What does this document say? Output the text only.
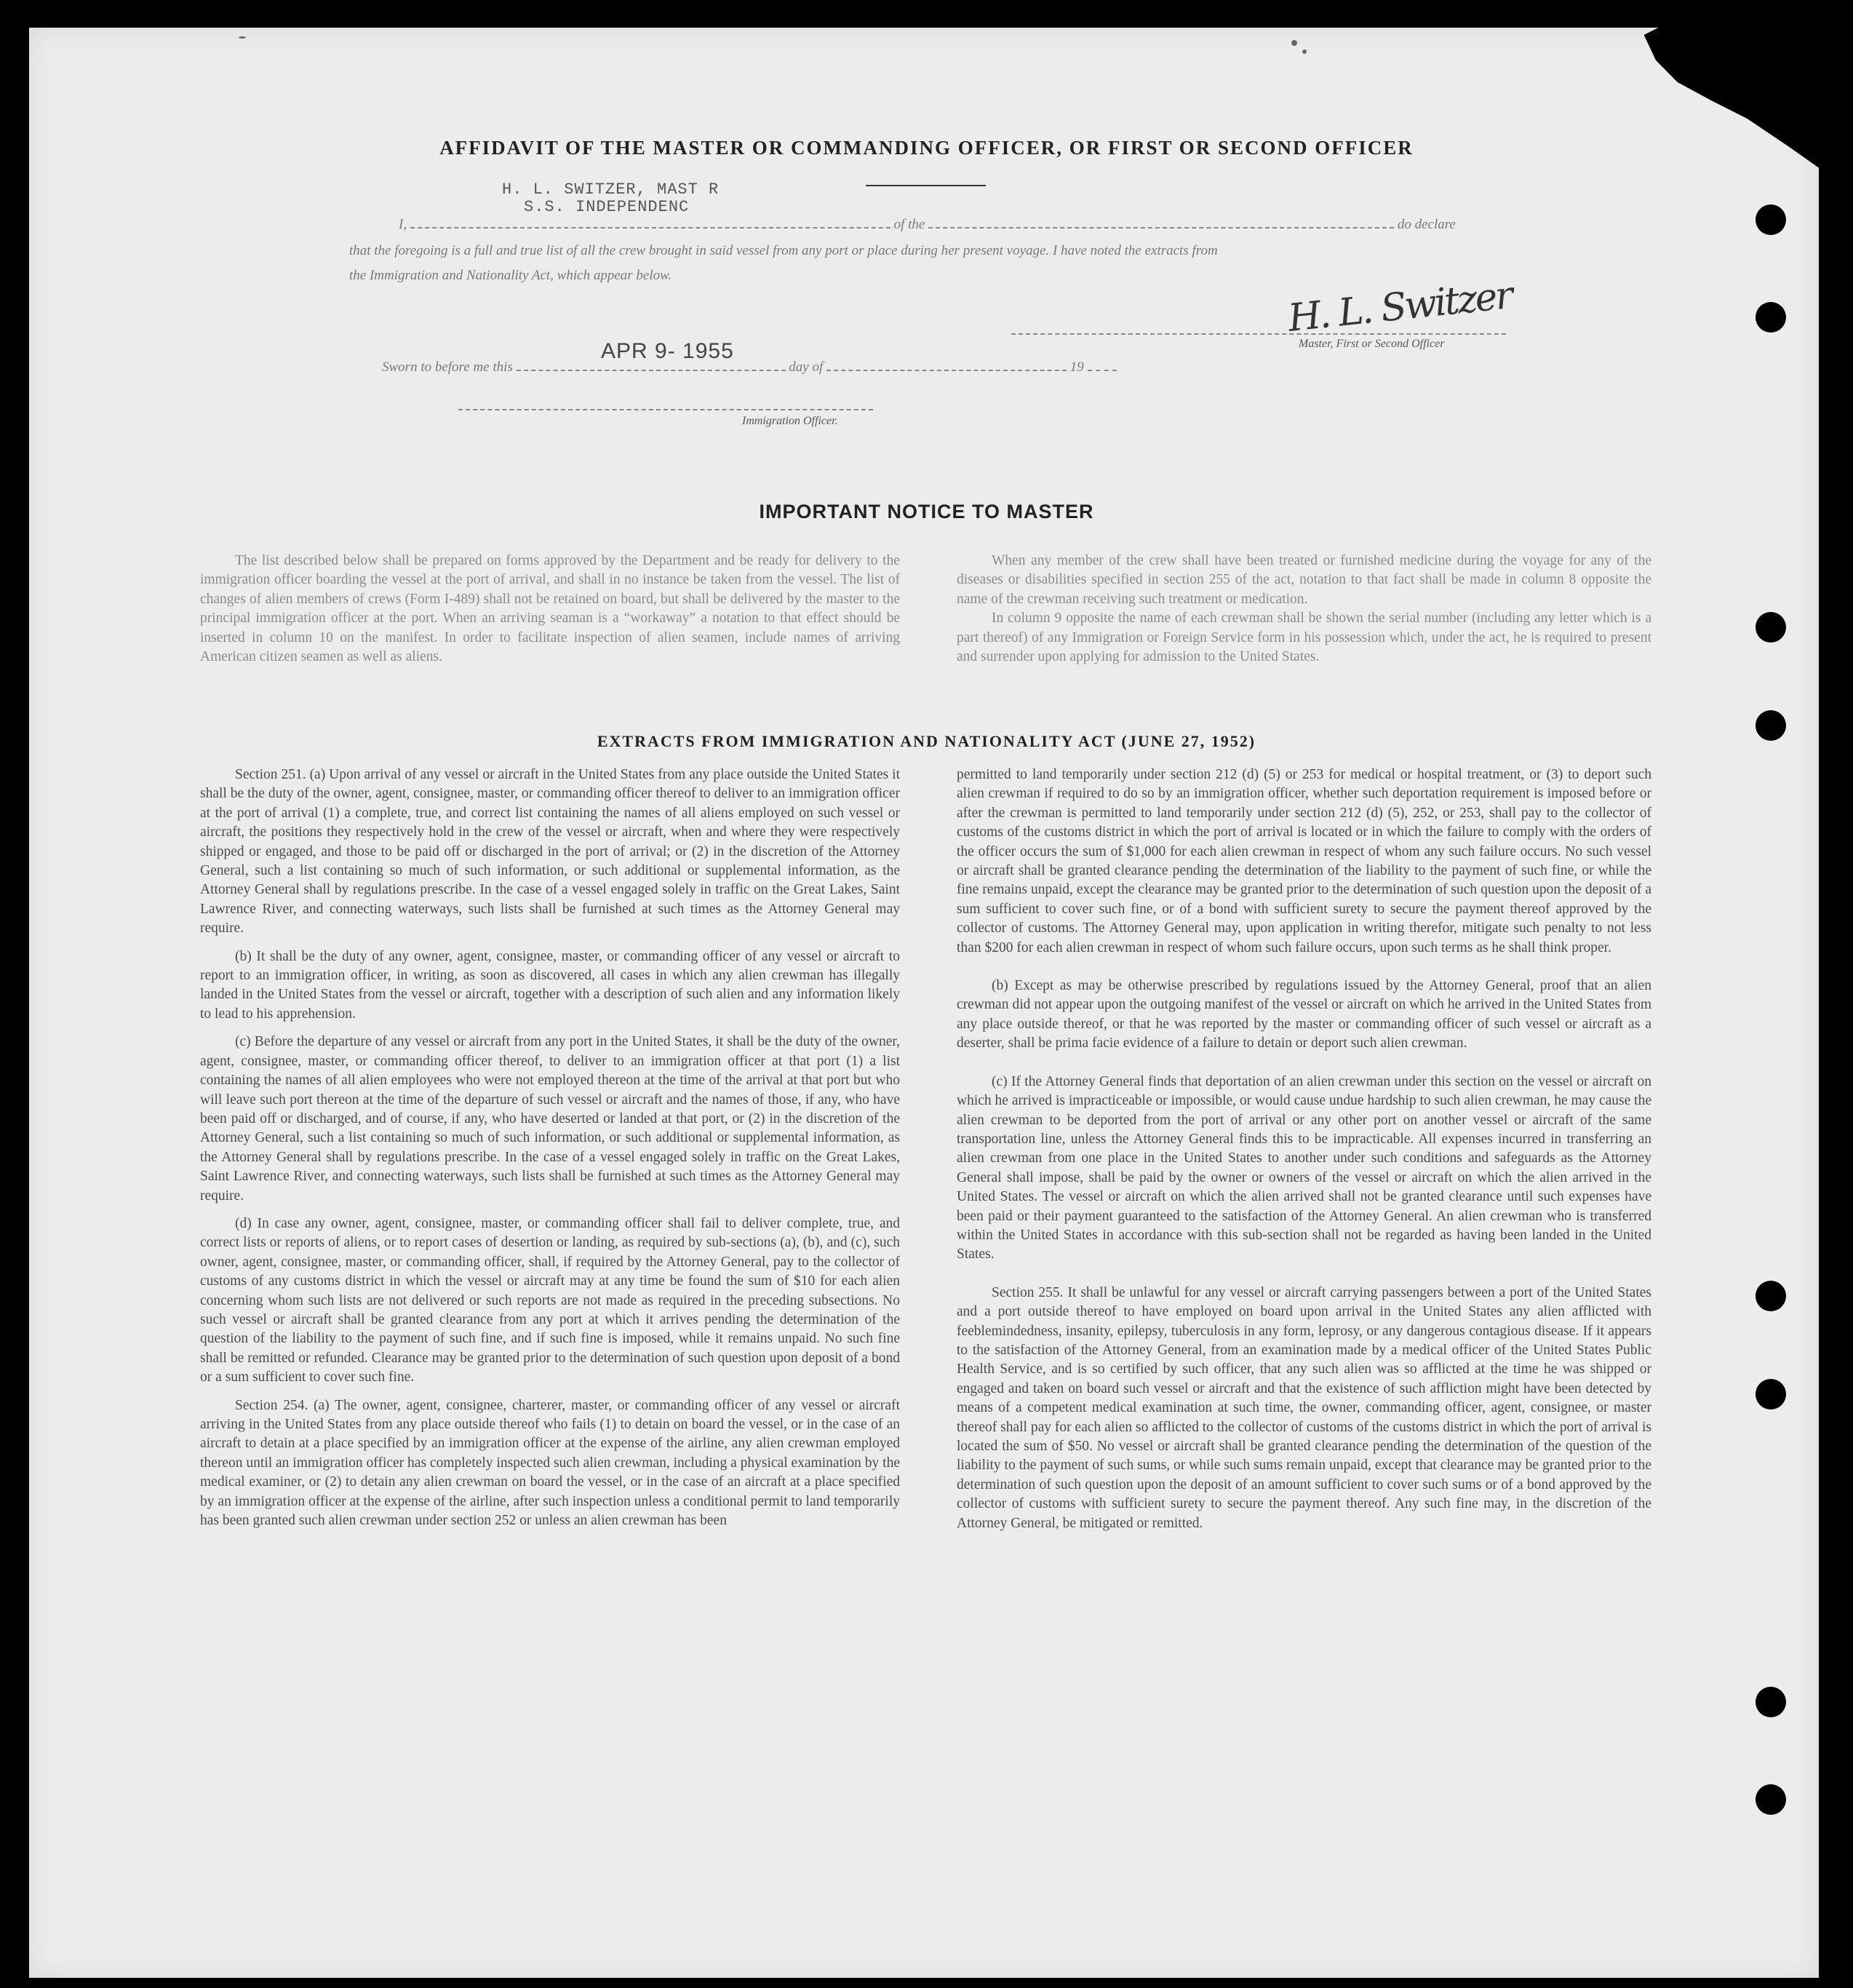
AFFIDAVIT OF THE MASTER OR COMMANDING OFFICER, OR FIRST OR SECOND OFFICER
H. L. SWITZER, MAST R
S.S. INDEPENDENC
I,	of the	do declare
that the foregoing is a full and true list of all the crew brought in said vessel from any port or place during her present voyage. I have noted the extracts from
the Immigration and Nationality Act, which appear below.	H. L. Switzer
Master, First or Second Officer
APR 9- 1955
Sworn to before me this	day of	19
Immigration Officer.
IMPORTANT NOTICE TO MASTER

The list described below shall be prepared on forms approved by the Department and be ready for delivery to the immigration officer boarding the vessel at the port of arrival, and shall in no instance be taken from the vessel. The list of changes of alien members of crews (Form I-489) shall not be retained on board, but shall be delivered by the master to the principal immigration officer at the port. When an arriving seaman is a “workaway” a notation to that effect should be inserted in column 10 on the manifest. In order to facilitate inspection of alien seamen, include names of arriving American citizen seamen as well as aliens.

When any member of the crew shall have been treated or furnished medicine during the voyage for any of the diseases or disabilities specified in section 255 of the act, notation to that fact shall be made in column 8 opposite the name of the crewman receiving such treatment or medication.

In column 9 opposite the name of each crewman shall be shown the serial number (including any letter which is a part thereof) of any Immigration or Foreign Service form in his possession which, under the act, he is required to present and surrender upon applying for admission to the United States.

EXTRACTS FROM IMMIGRATION AND NATIONALITY ACT (JUNE 27, 1952)

Section 251. (a) Upon arrival of any vessel or aircraft in the United States from any place outside the United States it shall be the duty of the owner, agent, consignee, master, or commanding officer thereof to deliver to an immigration officer at the port of arrival (1) a complete, true, and correct list containing the names of all aliens employed on such vessel or aircraft, the positions they respectively hold in the crew of the vessel or aircraft, when and where they were respectively shipped or engaged, and those to be paid off or discharged in the port of arrival; or (2) in the discretion of the Attorney General, such a list containing so much of such information, or such additional or supplemental information, as the Attorney General shall by regulations prescribe. In the case of a vessel engaged solely in traffic on the Great Lakes, Saint Lawrence River, and connecting waterways, such lists shall be furnished at such times as the Attorney General may require.

(b) It shall be the duty of any owner, agent, consignee, master, or commanding officer of any vessel or aircraft to report to an immigration officer, in writing, as soon as discovered, all cases in which any alien crewman has illegally landed in the United States from the vessel or aircraft, together with a description of such alien and any information likely to lead to his apprehension.

(c) Before the departure of any vessel or aircraft from any port in the United States, it shall be the duty of the owner, agent, consignee, master, or commanding officer thereof, to deliver to an immigration officer at that port (1) a list containing the names of all alien employees who were not employed thereon at the time of the arrival at that port but who will leave such port thereon at the time of the departure of such vessel or aircraft and the names of those, if any, who have been paid off or discharged, and of course, if any, who have deserted or landed at that port, or (2) in the discretion of the Attorney General, such a list containing so much of such information, or such additional or supplemental information, as the Attorney General shall by regulations prescribe. In the case of a vessel engaged solely in traffic on the Great Lakes, Saint Lawrence River, and connecting waterways, such lists shall be furnished at such times as the Attorney General may require.

(d) In case any owner, agent, consignee, master, or commanding officer shall fail to deliver complete, true, and correct lists or reports of aliens, or to report cases of desertion or landing, as required by sub-sections (a), (b), and (c), such owner, agent, consignee, master, or commanding officer, shall, if required by the Attorney General, pay to the collector of customs of any customs district in which the vessel or aircraft may at any time be found the sum of $10 for each alien concerning whom such lists are not delivered or such reports are not made as required in the preceding subsections. No such vessel or aircraft shall be granted clearance from any port at which it arrives pending the determination of the question of the liability to the payment of such fine, and if such fine is imposed, while it remains unpaid. No such fine shall be remitted or refunded. Clearance may be granted prior to the determination of such question upon deposit of a bond or a sum sufficient to cover such fine.

Section 254. (a) The owner, agent, consignee, charterer, master, or commanding officer of any vessel or aircraft arriving in the United States from any place outside thereof who fails (1) to detain on board the vessel, or in the case of an aircraft to detain at a place specified by an immigration officer at the expense of the airline, any alien crewman employed thereon until an immigration officer has completely inspected such alien crewman, including a physical examination by the medical examiner, or (2) to detain any alien crewman on board the vessel, or in the case of an aircraft at a place specified by an immigration officer at the expense of the airline, after such inspection unless a conditional permit to land temporarily has been granted such alien crewman under section 252 or unless an alien crewman has been

permitted to land temporarily under section 212 (d) (5) or 253 for medical or hospital treatment, or (3) to deport such alien crewman if required to do so by an immigration officer, whether such deportation requirement is imposed before or after the crewman is permitted to land temporarily under section 212 (d) (5), 252, or 253, shall pay to the collector of customs of the customs district in which the port of arrival is located or in which the failure to comply with the orders of the officer occurs the sum of $1,000 for each alien crewman in respect of whom any such failure occurs. No such vessel or aircraft shall be granted clearance pending the determination of the liability to the payment of such fine, or while the fine remains unpaid, except the clearance may be granted prior to the determination of such question upon the deposit of a sum sufficient to cover such fine, or of a bond with sufficient surety to secure the payment thereof approved by the collector of customs. The Attorney General may, upon application in writing therefor, mitigate such penalty to not less than $200 for each alien crewman in respect of whom such failure occurs, upon such terms as he shall think proper.

(b) Except as may be otherwise prescribed by regulations issued by the Attorney General, proof that an alien crewman did not appear upon the outgoing manifest of the vessel or aircraft on which he arrived in the United States from any place outside thereof, or that he was reported by the master or commanding officer of such vessel or aircraft as a deserter, shall be prima facie evidence of a failure to detain or deport such alien crewman.

(c) If the Attorney General finds that deportation of an alien crewman under this section on the vessel or aircraft on which he arrived is impracticeable or impossible, or would cause undue hardship to such alien crewman, he may cause the alien crewman to be deported from the port of arrival or any other port on another vessel or aircraft of the same transportation line, unless the Attorney General finds this to be impracticable. All expenses incurred in transferring an alien crewman from one place in the United States to another under such conditions and safeguards as the Attorney General shall impose, shall be paid by the owner or owners of the vessel or aircraft on which the alien arrived in the United States. The vessel or aircraft on which the alien arrived shall not be granted clearance until such expenses have been paid or their payment guaranteed to the satisfaction of the Attorney General. An alien crewman who is transferred within the United States in accordance with this sub-section shall not be regarded as having been landed in the United States.

Section 255. It shall be unlawful for any vessel or aircraft carrying passengers between a port of the United States and a port outside thereof to have employed on board upon arrival in the United States any alien afflicted with feeblemindedness, insanity, epilepsy, tuberculosis in any form, leprosy, or any dangerous contagious disease. If it appears to the satisfaction of the Attorney General, from an examination made by a medical officer of the United States Public Health Service, and is so certified by such officer, that any such alien was so afflicted at the time he was shipped or engaged and taken on board such vessel or aircraft and that the existence of such affliction might have been detected by means of a competent medical examination at such time, the owner, commanding officer, agent, consignee, or master thereof shall pay for each alien so afflicted to the collector of customs of the customs district in which the port of arrival is located the sum of $50. No vessel or aircraft shall be granted clearance pending the determination of the question of the liability to the payment of such sums, or while such sums remain unpaid, except that clearance may be granted prior to the determination of such question upon the deposit of an amount sufficient to cover such sums or of a bond approved by the collector of customs with sufficient surety to secure the payment thereof. Any such fine may, in the discretion of the Attorney General, be mitigated or remitted.
